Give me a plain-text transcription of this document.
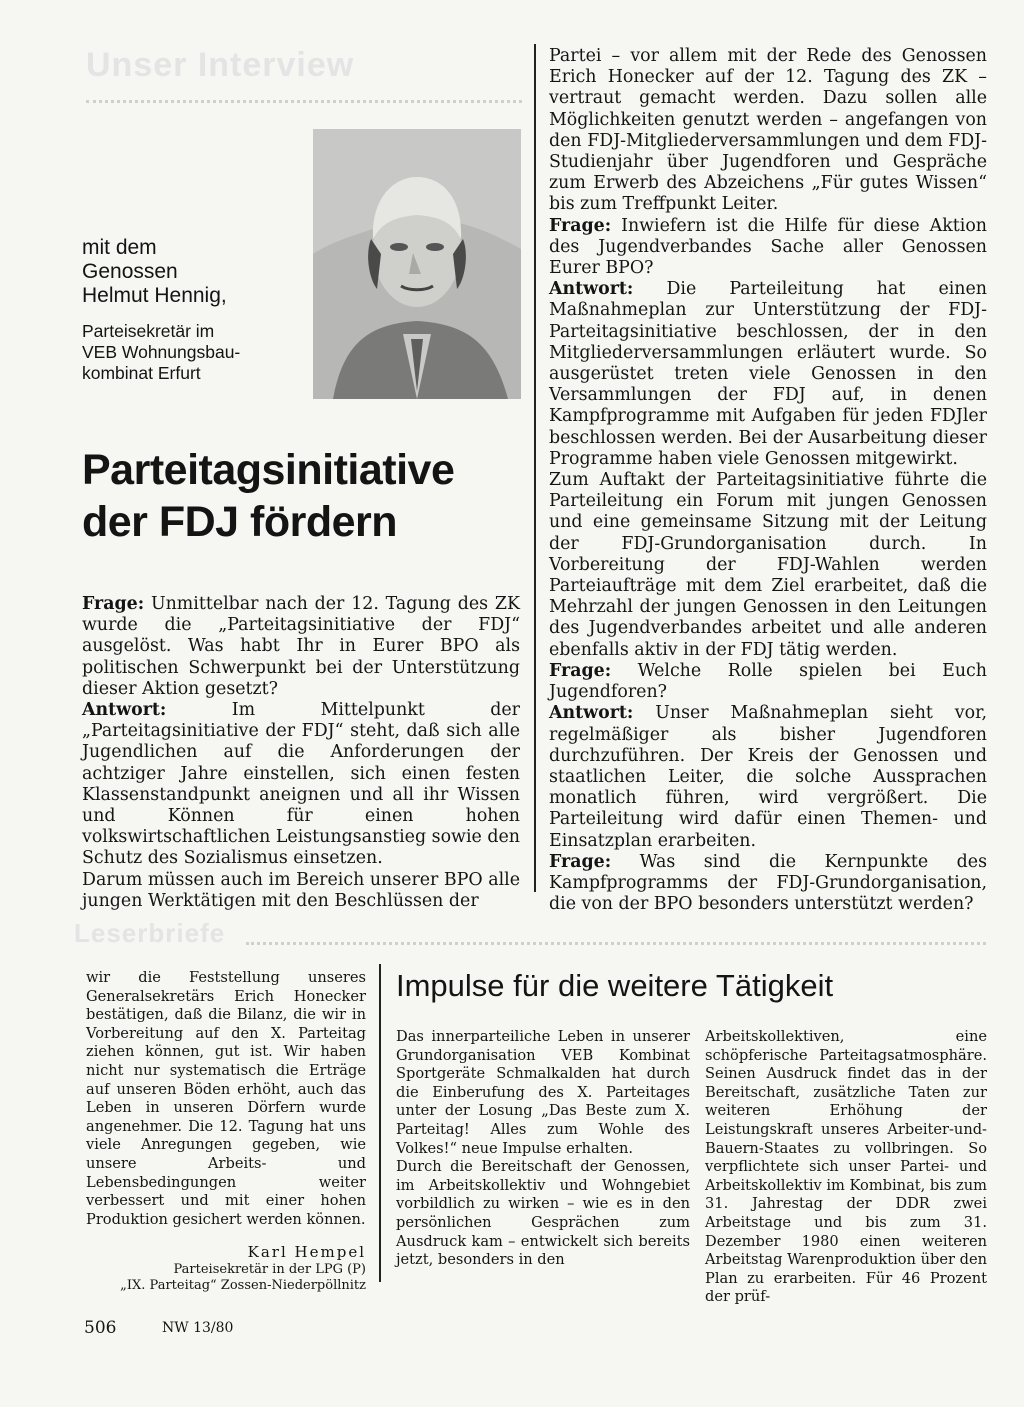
Unser Interview

mit dem

Genossen

Helmut Hennig,

Parteisekretär im

VEB Wohnungsbau-

kombinat Erfurt

Parteitagsinitiative

der FDJ fördern

Frage: Unmittelbar nach der 12. Tagung des ZK wurde die „Parteitagsinitiative der FDJ“ ausgelöst. Was habt Ihr in Eurer BPO als politischen Schwerpunkt bei der Unterstützung dieser Aktion gesetzt?

Antwort: Im Mittelpunkt der „Parteitagsinitiative der FDJ“ steht, daß sich alle Jugendlichen auf die Anforderungen der achtziger Jahre einstellen, sich einen festen Klassenstandpunkt aneignen und all ihr Wissen und Können für einen hohen volkswirtschaftlichen Leistungsanstieg sowie den Schutz des Sozialismus einsetzen.

Darum müssen auch im Bereich unserer BPO alle jungen Werktätigen mit den Beschlüssen der

Partei – vor allem mit der Rede des Genossen Erich Honecker auf der 12. Tagung des ZK – vertraut gemacht werden. Dazu sollen alle Möglichkeiten genutzt werden – angefangen von den FDJ-Mitgliederversammlungen und dem FDJ-Studienjahr über Jugendforen und Gespräche zum Erwerb des Abzeichens „Für gutes Wissen“ bis zum Treffpunkt Leiter.

Frage: Inwiefern ist die Hilfe für diese Aktion des Jugendverbandes Sache aller Genossen Eurer BPO?

Antwort: Die Parteileitung hat einen Maßnahmeplan zur Unterstützung der FDJ-Parteitagsinitiative beschlossen, der in den Mitgliederversammlungen erläutert wurde. So ausgerüstet treten viele Genossen in den Versammlungen der FDJ auf, in denen Kampfprogramme mit Aufgaben für jeden FDJler beschlossen werden. Bei der Ausarbeitung dieser Programme haben viele Genossen mitgewirkt.

Zum Auftakt der Parteitagsinitiative führte die Parteileitung ein Forum mit jungen Genossen und eine gemeinsame Sitzung mit der Leitung der FDJ-Grundorganisation durch. In Vorbereitung der FDJ-Wahlen werden Parteiaufträge mit dem Ziel erarbeitet, daß die Mehrzahl der jungen Genossen in den Leitungen des Jugendverbandes arbeitet und alle anderen ebenfalls aktiv in der FDJ tätig werden.

Frage: Welche Rolle spielen bei Euch Jugendforen?

Antwort: Unser Maßnahmeplan sieht vor, regelmäßiger als bisher Jugendforen durchzuführen. Der Kreis der Genossen und staatlichen Leiter, die solche Aussprachen monatlich führen, wird vergrößert. Die Parteileitung wird dafür einen Themen- und Einsatzplan erarbeiten.

Frage: Was sind die Kernpunkte des Kampfprogramms der FDJ-Grundorganisation, die von der BPO besonders unterstützt werden?

Leserbriefe

wir die Feststellung unseres Generalsekretärs Erich Honecker bestätigen, daß die Bilanz, die wir in Vorbereitung auf den X. Parteitag ziehen können, gut ist. Wir haben nicht nur systematisch die Erträge auf unseren Böden erhöht, auch das Leben in unseren Dörfern wurde angenehmer. Die 12. Tagung hat uns viele Anregungen gegeben, wie unsere Arbeits- und Lebensbedingungen weiter verbessert und mit einer hohen Produktion gesichert werden können.

Karl Hempel
Parteisekretär in der LPG (P)
„IX. Parteitag“ Zossen-Niederpöllnitz
Impulse für die weitere Tätigkeit

Das innerparteiliche Leben in unserer Grundorganisation VEB Kombinat Sportgeräte Schmalkalden hat durch die Einberufung des X. Parteitages unter der Losung „Das Beste zum X. Parteitag! Alles zum Wohle des Volkes!“ neue Impulse erhalten.

Durch die Bereitschaft der Genossen, im Arbeitskollektiv und Wohngebiet vorbildlich zu wirken – wie es in den persönlichen Gesprächen zum Ausdruck kam – entwickelt sich bereits jetzt, besonders in den

Arbeitskollektiven, eine schöpferische Parteitagsatmosphäre. Seinen Ausdruck findet das in der Bereitschaft, zusätzliche Taten zur weiteren Erhöhung der Leistungskraft unseres Arbeiter-und-Bauern-Staates zu vollbringen. So verpflichtete sich unser Partei- und Arbeitskollektiv im Kombinat, bis zum 31. Jahrestag der DDR zwei Arbeitstage und bis zum 31. Dezember 1980 einen weiteren Arbeitstag Warenproduktion über den Plan zu erarbeiten. Für 46 Prozent der prüf-

506	NW 13/80
